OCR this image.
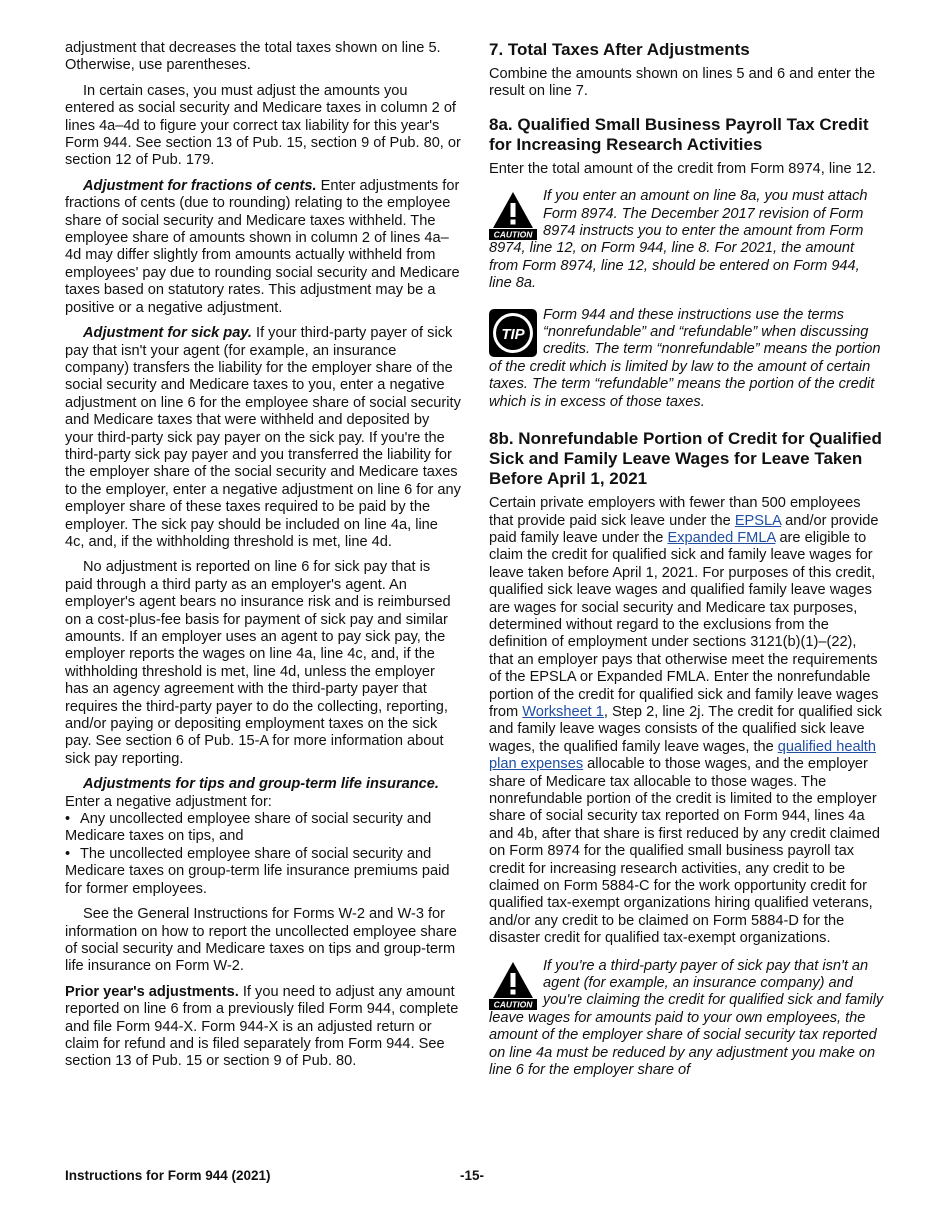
adjustment that decreases the total taxes shown on line 5. Otherwise, use parentheses.

In certain cases, you must adjust the amounts you entered as social security and Medicare taxes in column 2 of lines 4a–4d to figure your correct tax liability for this year's Form 944. See section 13 of Pub. 15, section 9 of Pub. 80, or section 12 of Pub. 179.

Adjustment for fractions of cents. Enter adjustments for fractions of cents (due to rounding) relating to the employee share of social security and Medicare taxes withheld. The employee share of amounts shown in column 2 of lines 4a–4d may differ slightly from amounts actually withheld from employees' pay due to rounding social security and Medicare taxes based on statutory rates. This adjustment may be a positive or a negative adjustment.

Adjustment for sick pay. If your third-party payer of sick pay that isn't your agent (for example, an insurance company) transfers the liability for the employer share of the social security and Medicare taxes to you, enter a negative adjustment on line 6 for the employee share of social security and Medicare taxes that were withheld and deposited by your third-party sick pay payer on the sick pay. If you're the third-party sick pay payer and you transferred the liability for the employer share of the social security and Medicare taxes to the employer, enter a negative adjustment on line 6 for any employer share of these taxes required to be paid by the employer. The sick pay should be included on line 4a, line 4c, and, if the withholding threshold is met, line 4d.

No adjustment is reported on line 6 for sick pay that is paid through a third party as an employer's agent. An employer's agent bears no insurance risk and is reimbursed on a cost-plus-fee basis for payment of sick pay and similar amounts. If an employer uses an agent to pay sick pay, the employer reports the wages on line 4a, line 4c, and, if the withholding threshold is met, line 4d, unless the employer has an agency agreement with the third-party payer that requires the third-party payer to do the collecting, reporting, and/or paying or depositing employment taxes on the sick pay. See section 6 of Pub. 15-A for more information about sick pay reporting.

Adjustments for tips and group-term life insurance. Enter a negative adjustment for:

• Any uncollected employee share of social security and Medicare taxes on tips, and

• The uncollected employee share of social security and Medicare taxes on group-term life insurance premiums paid for former employees.

See the General Instructions for Forms W-2 and W-3 for information on how to report the uncollected employee share of social security and Medicare taxes on tips and group-term life insurance on Form W-2.

Prior year's adjustments. If you need to adjust any amount reported on line 6 from a previously filed Form 944, complete and file Form 944-X. Form 944-X is an adjusted return or claim for refund and is filed separately from Form 944. See section 13 of Pub. 15 or section 9 of Pub. 80.

7. Total Taxes After Adjustments

Combine the amounts shown on lines 5 and 6 and enter the result on line 7.

8a. Qualified Small Business Payroll Tax Credit for Increasing Research Activities

Enter the total amount of the credit from Form 8974, line 12.

CAUTION
If you enter an amount on line 8a, you must attach Form 8974. The December 2017 revision of Form 8974 instructs you to enter the amount from Form 8974, line 12, on Form 944, line 8. For 2021, the amount from Form 8974, line 12, should be entered on Form 944, line 8a.
TIP
Form 944 and these instructions use the terms “nonrefundable” and “refundable” when discussing credits. The term “nonrefundable” means the portion of the credit which is limited by law to the amount of certain taxes. The term “refundable” means the portion of the credit which is in excess of those taxes.
8b. Nonrefundable Portion of Credit for Qualified Sick and Family Leave Wages for Leave Taken Before April 1, 2021

Certain private employers with fewer than 500 employees that provide paid sick leave under the EPSLA and/or provide paid family leave under the Expanded FMLA are eligible to claim the credit for qualified sick and family leave wages for leave taken before April 1, 2021. For purposes of this credit, qualified sick leave wages and qualified family leave wages are wages for social security and Medicare tax purposes, determined without regard to the exclusions from the definition of employment under sections 3121(b)(1)–(22), that an employer pays that otherwise meet the requirements of the EPSLA or Expanded FMLA. Enter the nonrefundable portion of the credit for qualified sick and family leave wages from Worksheet 1, Step 2, line 2j. The credit for qualified sick and family leave wages consists of the qualified sick leave wages, the qualified family leave wages, the qualified health plan expenses allocable to those wages, and the employer share of Medicare tax allocable to those wages. The nonrefundable portion of the credit is limited to the employer share of social security tax reported on Form 944, lines 4a and 4b, after that share is first reduced by any credit claimed on Form 8974 for the qualified small business payroll tax credit for increasing research activities, any credit to be claimed on Form 5884-C for the work opportunity credit for qualified tax-exempt organizations hiring qualified veterans, and/or any credit to be claimed on Form 5884-D for the disaster credit for qualified tax-exempt organizations.

CAUTION
If you're a third-party payer of sick pay that isn't an agent (for example, an insurance company) and you're claiming the credit for qualified sick and family leave wages for amounts paid to your own employees, the amount of the employer share of social security tax reported on line 4a must be reduced by any adjustment you make on line 6 for the employer share of
Instructions for Form 944 (2021)	-15-
